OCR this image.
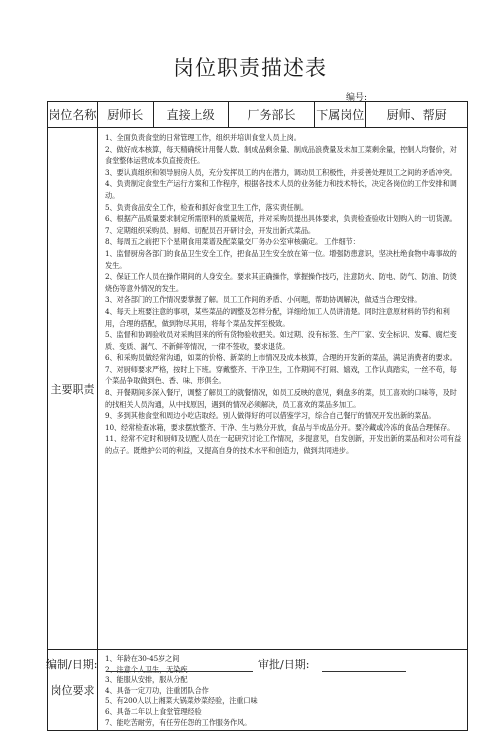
岗位职责描述表
编号:
岗位名称 厨师长	直接上级	厂务部长	下属岗位	厨师、帮厨
主要职责

1、全面负责食堂的日常管理工作，组织并培训食堂人员上岗。

2、做好成本核算，每天精确统计用餐人数、制成品剩余量、制成品浪费量及未加工菜剩余量，控制人均餐价，对食堂整体运营成本负直接责任。

3、要认真组织和领导厨房人员，充分发挥员工的内在潜力，调动员工积极性，并妥善处理员工之间的矛盾冲突。

4、负责制定食堂生产运行方案和工作程序，根据各技术人员的业务能力和技术特长，决定各岗位的工作安排和调动。

5、负责食品安全工作，检查和抓好食堂卫生工作，落实责任制。

6、根据产品质量要求制定所需原料的质量规范，并对采购员提出具体要求，负责检查验收计划购入的一切货源。

7、定期组织采购员、厨师、切配员召开研讨会，开发出新式菜品。

8、每周五之前把下个星期食用菜谱及配菜量交厂务办公室审核确定。 工作细节：

1、监督厨房各部门的食品卫生安全工作，把食品卫生安全放在第一位。增强防患意识，坚决杜绝食物中毒事故的发生。

2、保证工作人员在操作期间的人身安全。要求其正确操作，掌握操作技巧，注意防火、防电、防气、防油、防烫烧伤等意外情况的发生。

3、对各部门的工作情况要掌握了解。员工工作间的矛盾、小问题，帮助协调解决，做适当合理安排。

4、每天上班要注意的事项，某些菜品的调整及怎样分配，详细给加工人员讲清楚。同时注意原材料的节约和利用，合理的搭配，做到物尽其用，将每个菜品发挥至极致。

5、监督和协调验收员对采购回来的所有货物验收把关。如过期、没有标签、生产厂家、安全标识、发霉、腐烂变质、变质、漏气、不新鲜等情况，一律不签收，要求退货。

6、和采购员做经常沟通，如菜的价格、新菜的上市情况及成本核算，合理的开发新的菜品，满足消费者的要求。

7、对厨师要求严格，按时上下班。穿戴整齐、干净卫生，工作期间不打闹、嬉戏，工作认真踏实，一丝不苟，每个菜品争取做到色、香、味、形俱全。

8、开餐期间多深入餐厅，调整了解员工的就餐情况，如员工反映的意见，剩盘多的菜，员工喜欢的口味等，及时的找相关人员沟通，从中找原因，遇到的情况必须解决，员工喜欢的菜品多加工。

9、多到其他食堂和周边小吃店取经。别人做得好的可以借鉴学习，综合自己餐厅的情况开发出新的菜品。

10、经常检查冰箱，要求摆放整齐、干净、生与熟分开放，食品与半成品分开。要冷藏或冷冻的食品合理保存。

11、经常不定时和厨师及切配人员在一起研究讨论工作情况，多提意见，自发创新，开发出新的菜品和对公司有益的点子。既维护公司的利益，又提高自身的技术水平和创造力，做到共同进步。

岗位要求

1、年龄在30-45岁之间

2、注意个人卫生，无染疾

3、能服从安排，服从分配

4、具备一定刀功，注重团队合作

5、有200人以上湘菜大锅菜炒菜经验，注重口味

6、具备二年以上食堂管理经验

7、能吃苦耐劳，有任劳任怨的工作服务作风。

编制/日期:	审批/日期:
